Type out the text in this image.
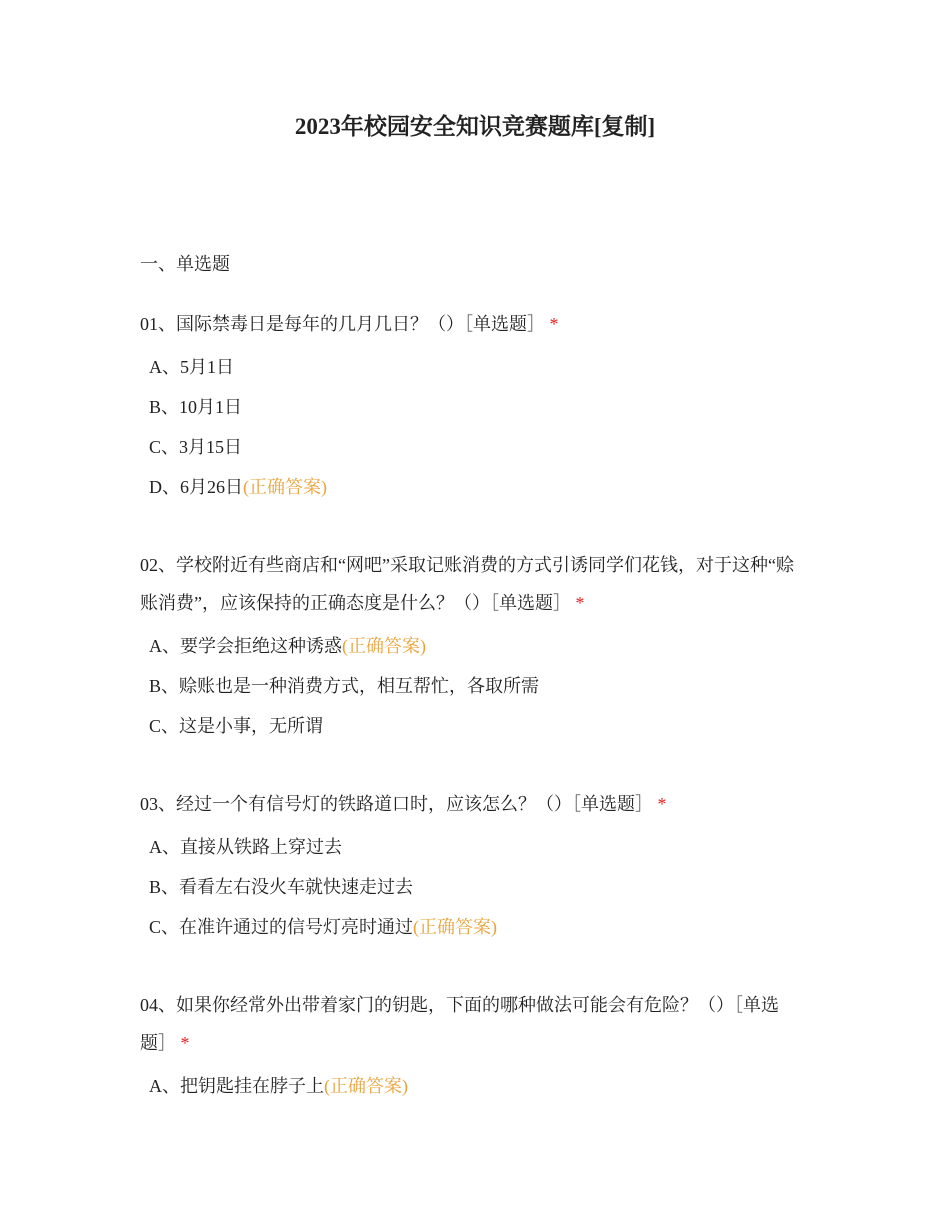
2023年校园安全知识竞赛题库[复制]
一、单选题

01、国际禁毒日是每年的几月几日？（）［单选题］ *

A、5月1日
B、10月1日
C、3月15日
D、6月26日(正确答案)

02、学校附近有些商店和“网吧”采取记账消费的方式引诱同学们花钱，对于这种“赊账消费”，应该保持的正确态度是什么？（）［单选题］ *

A、要学会拒绝这种诱惑(正确答案)
B、赊账也是一种消费方式，相互帮忙，各取所需
C、这是小事，无所谓

03、经过一个有信号灯的铁路道口时，应该怎么？（）［单选题］ *

A、直接从铁路上穿过去
B、看看左右没火车就快速走过去
C、在准许通过的信号灯亮时通过(正确答案)

04、如果你经常外出带着家门的钥匙，下面的哪种做法可能会有危险？（）［单选题］ *

A、把钥匙挂在脖子上(正确答案)
